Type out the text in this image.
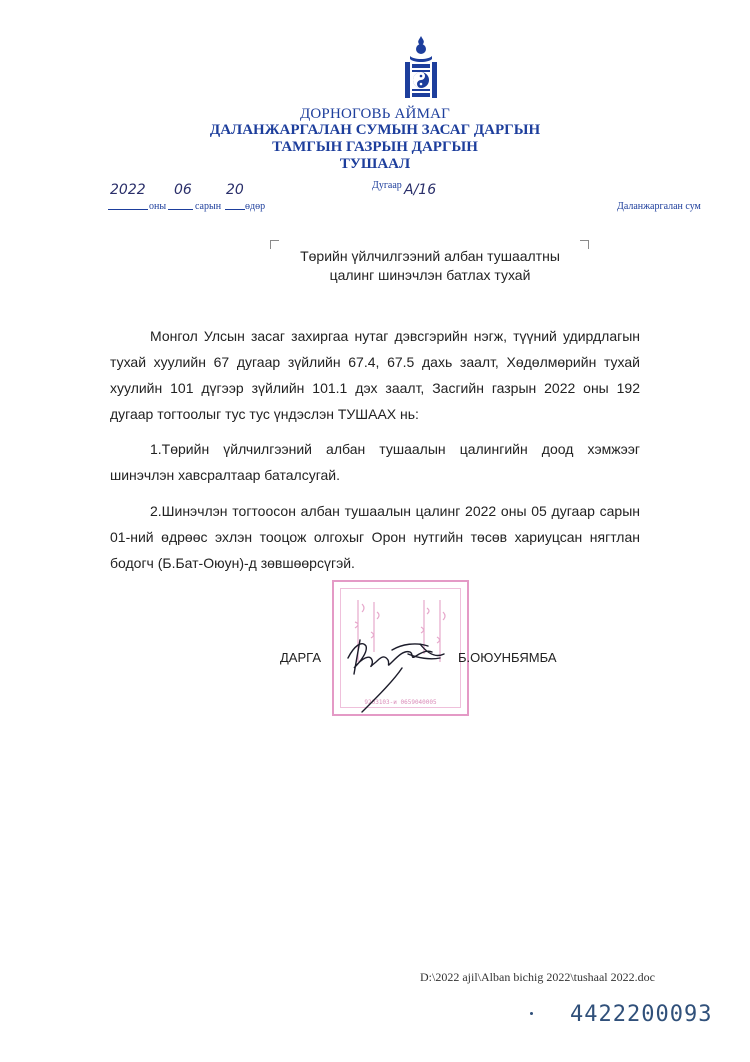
ДОРНОГОВЬ АЙМАГ
ДАЛАНЖАРГАЛАН СУМЫН ЗАСАГ ДАРГЫН
ТАМГЫН ГАЗРЫН ДАРГЫН
ТУШААЛ
2022
оны
06
сарын
20
өдөр
Дугаар А/16
Даланжаргалан сум
Төрийн үйлчилгээний албан тушаалтны
цалинг шинэчлэн батлах тухай
Монгол Улсын засаг захиргаа нутаг дэвсгэрийн нэгж, түүний удирдлагын тухай хуулийн 67 дугаар зүйлийн 67.4, 67.5 дахь заалт, Хөдөлмөрийн тухай хуулийн 101 дүгээр зүйлийн 101.1 дэх заалт, Засгийн газрын 2022 оны 192 дугаар тогтоолыг тус тус үндэслэн ТУШААХ нь:
1.Төрийн үйлчилгээний албан тушаалын цалингийн доод хэмжээг шинэчлэн хавсралтаар баталсугай.
2.Шинэчлэн тогтоосон албан тушаалын цалинг 2022 оны 05 дугаар сарын 01-ний өдрөөс эхлэн тооцож олгохыг Орон нутгийн төсөв хариуцсан нягтлан бодогч (Б.Бат-Оюун)-д зөвшөөрсүгэй.
9203103-и 0659040005
ДАРГА	Б.ОЮУНБЯМБА
D:\2022 ajil\Alban bichig 2022\tushaal 2022.doc
4422200093
